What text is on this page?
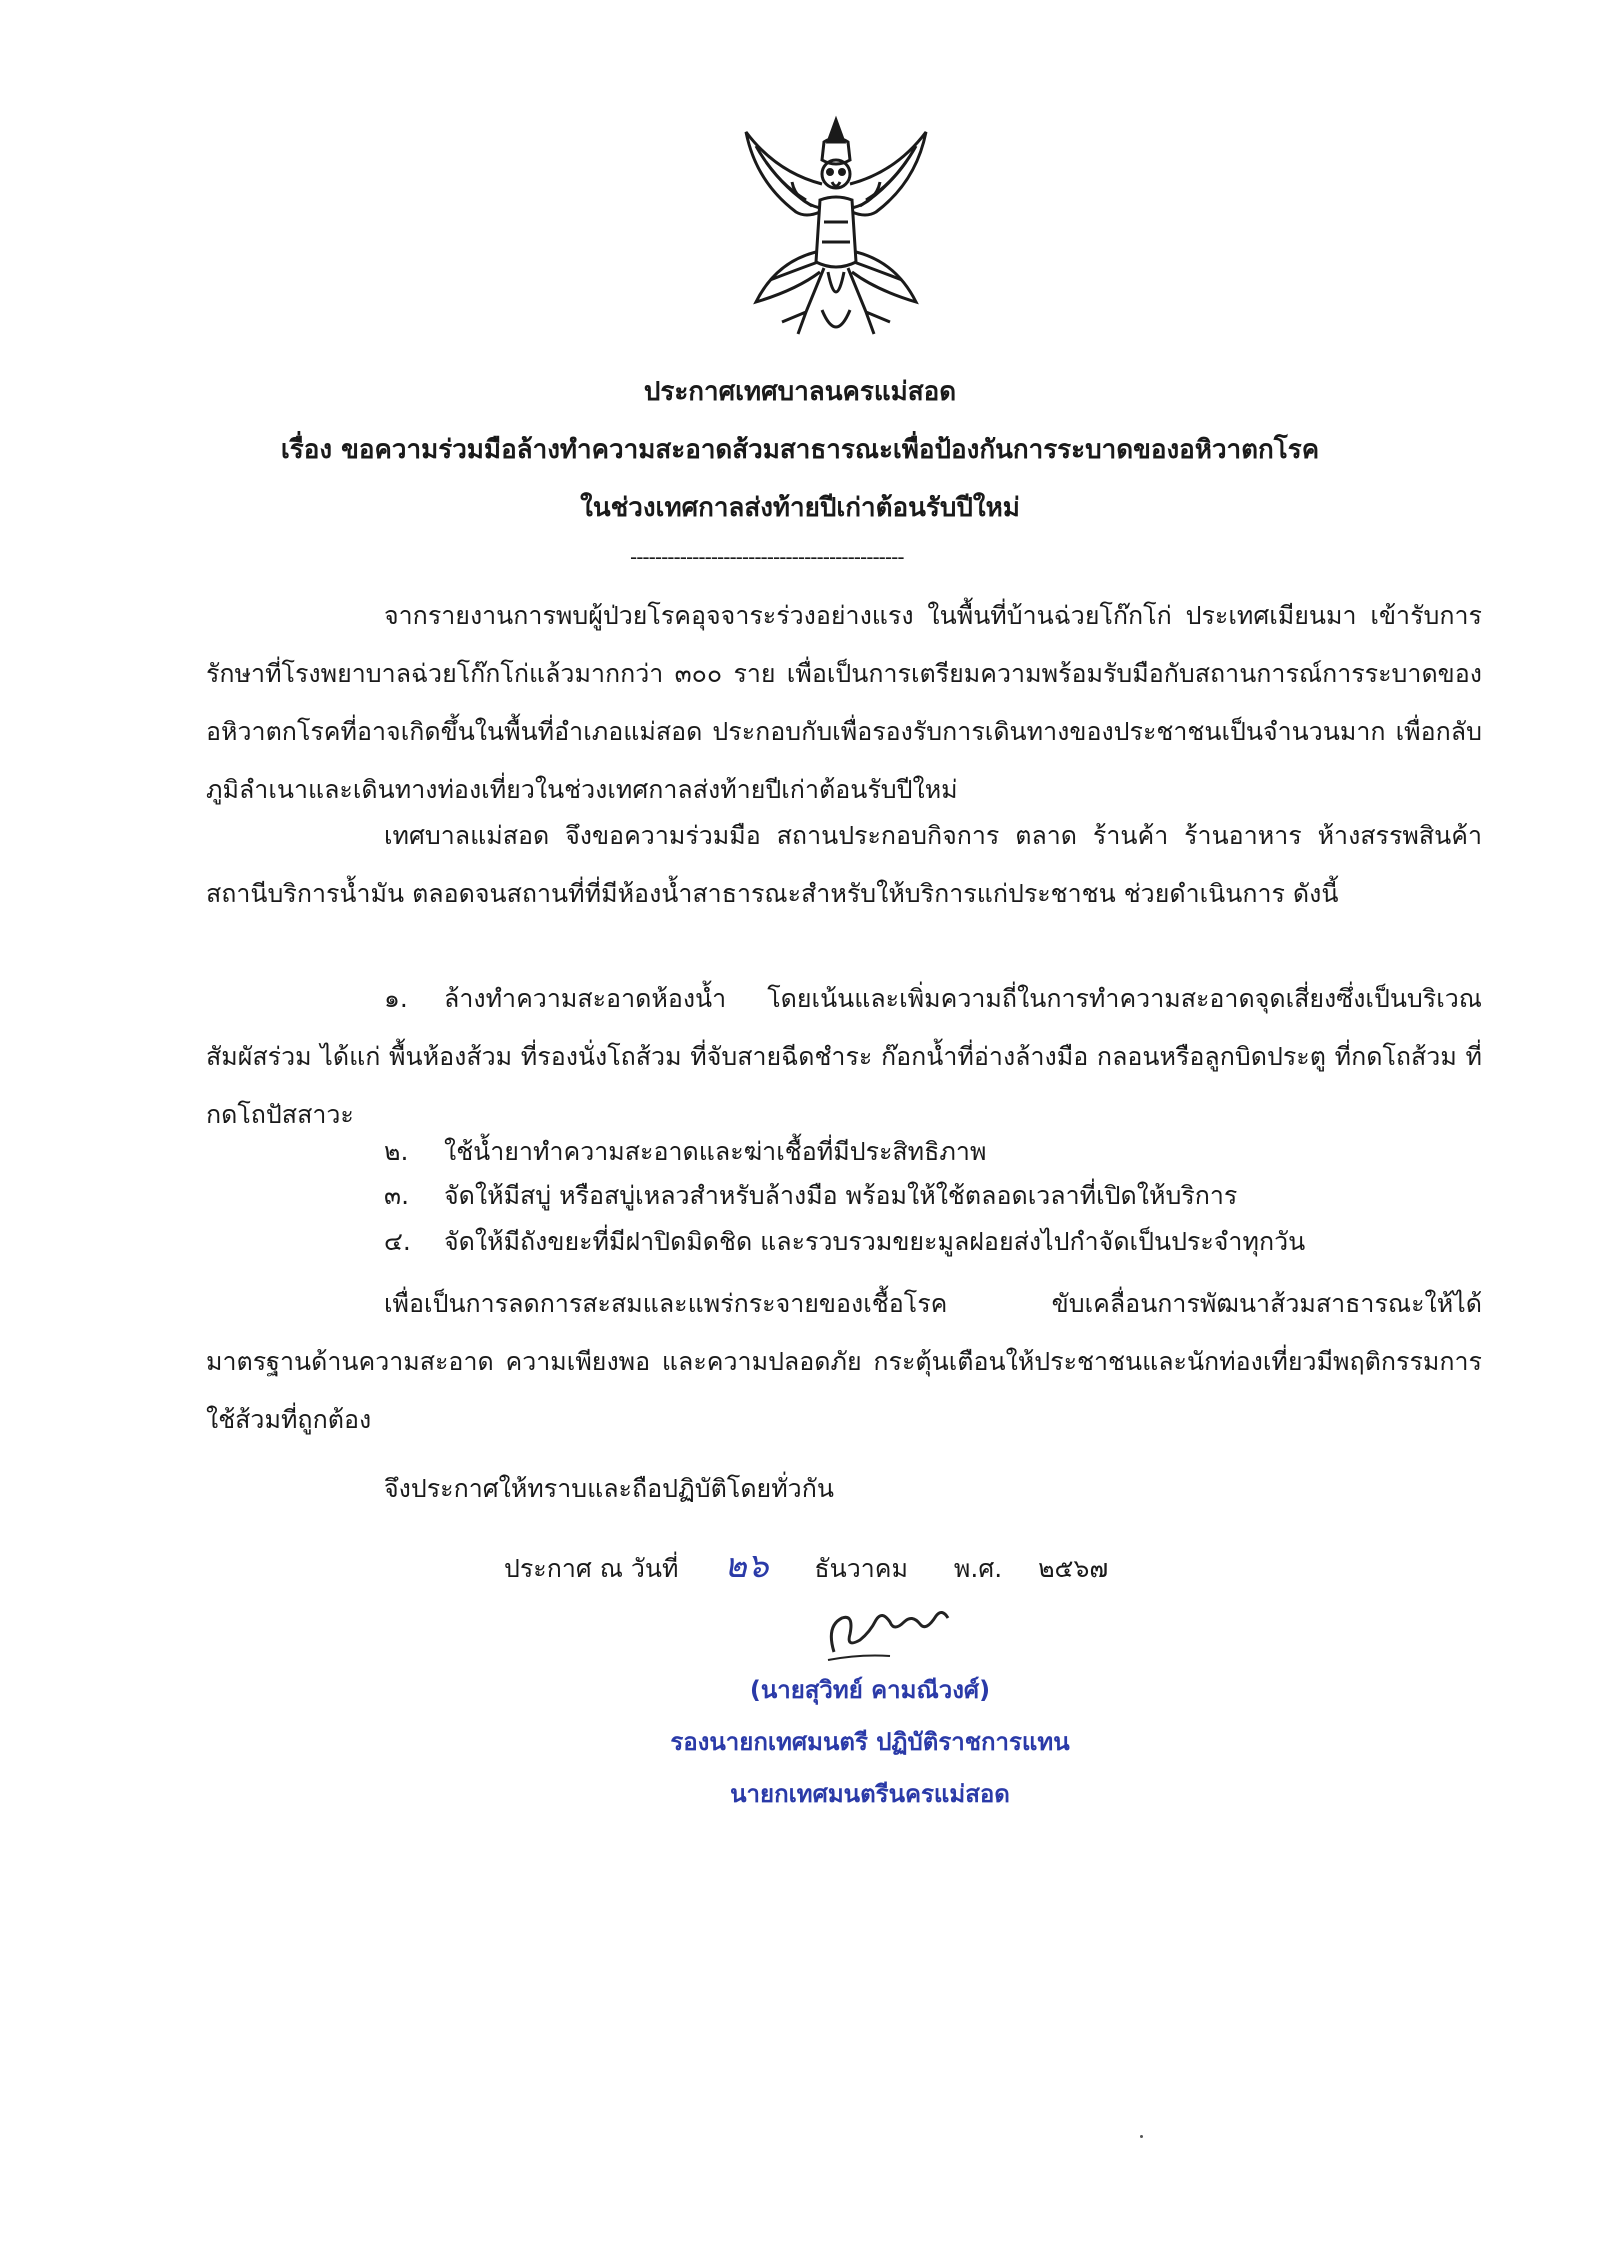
ประกาศเทศบาลนครแม่สอด
เรื่อง ขอความร่วมมือล้างทำความสะอาดส้วมสาธารณะเพื่อป้องกันการระบาดของอหิวาตกโรค
ในช่วงเทศกาลส่งท้ายปีเก่าต้อนรับปีใหม่
--------------------------------------------

จากรายงานการพบผู้ป่วยโรคอุจจาระร่วงอย่างแรง ในพื้นที่บ้านฉ่วยโก๊กโก่ ประเทศเมียนมา เข้ารับการรักษาที่โรงพยาบาลฉ่วยโก๊กโก่แล้วมากกว่า ๓๐๐ ราย เพื่อเป็นการเตรียมความพร้อมรับมือกับสถานการณ์การระบาดของอหิวาตกโรคที่อาจเกิดขึ้นในพื้นที่อำเภอแม่สอด ประกอบกับเพื่อรองรับการเดินทางของประชาชนเป็นจำนวนมาก เพื่อกลับภูมิลำเนาและเดินทางท่องเที่ยวในช่วงเทศกาลส่งท้ายปีเก่าต้อนรับปีใหม่

เทศบาลแม่สอด จึงขอความร่วมมือ สถานประกอบกิจการ ตลาด ร้านค้า ร้านอาหาร ห้างสรรพสินค้า สถานีบริการน้ำมัน ตลอดจนสถานที่ที่มีห้องน้ำสาธารณะสำหรับให้บริการแก่ประชาชน ช่วยดำเนินการ ดังนี้

๑. ล้างทำความสะอาดห้องน้ำ โดยเน้นและเพิ่มความถี่ในการทำความสะอาดจุดเสี่ยงซึ่งเป็นบริเวณสัมผัสร่วม ได้แก่ พื้นห้องส้วม ที่รองนั่งโถส้วม ที่จับสายฉีดชำระ ก๊อกน้ำที่อ่างล้างมือ กลอนหรือลูกบิดประตู ที่กดโถส้วม ที่กดโถปัสสาวะ

๒. ใช้น้ำยาทำความสะอาดและฆ่าเชื้อที่มีประสิทธิภาพ
๓. จัดให้มีสบู่ หรือสบู่เหลวสำหรับล้างมือ พร้อมให้ใช้ตลอดเวลาที่เปิดให้บริการ
๔. จัดให้มีถังขยะที่มีฝาปิดมิดชิด และรวบรวมขยะมูลฝอยส่งไปกำจัดเป็นประจำทุกวัน

เพื่อเป็นการลดการสะสมและแพร่กระจายของเชื้อโรค ขับเคลื่อนการพัฒนาส้วมสาธารณะให้ได้มาตรฐานด้านความสะอาด ความเพียงพอ และความปลอดภัย กระตุ้นเตือนให้ประชาชนและนักท่องเที่ยวมีพฤติกรรมการใช้ส้วมที่ถูกต้อง

จึงประกาศให้ทราบและถือปฏิบัติโดยทั่วกัน
ประกาศ ณ วันที่ ๒๖ ธันวาคม พ.ศ. ๒๕๖๗
(นายสุวิทย์ คามณีวงศ์)
รองนายกเทศมนตรี ปฏิบัติราชการแทน
นายกเทศมนตรีนครแม่สอด
